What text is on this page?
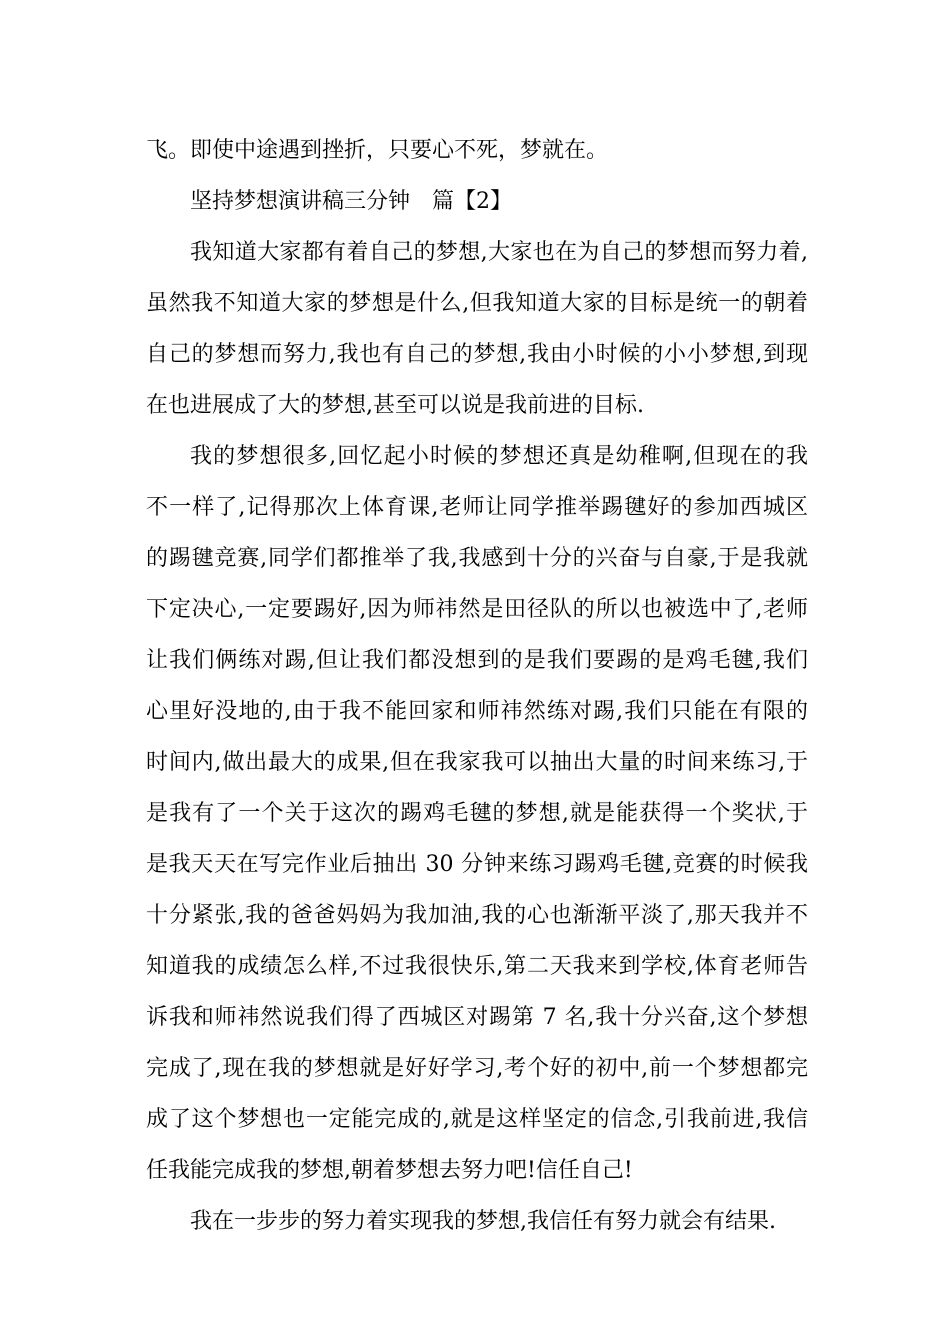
飞。即使中途遇到挫折，只要心不死，梦就在。
坚持梦想演讲稿三分钟　篇【2】
我知道大家都有着自己的梦想,大家也在为自己的梦想而努力着,
虽然我不知道大家的梦想是什么,但我知道大家的目标是统一的朝着
自己的梦想而努力,我也有自己的梦想,我由小时候的小小梦想,到现
在也进展成了大的梦想,甚至可以说是我前进的目标.
我的梦想很多,回忆起小时候的梦想还真是幼稚啊,但现在的我
不一样了,记得那次上体育课,老师让同学推举踢毽好的参加西城区
的踢毽竞赛,同学们都推举了我,我感到十分的兴奋与自豪,于是我就
下定决心,一定要踢好,因为师祎然是田径队的所以也被选中了,老师
让我们俩练对踢,但让我们都没想到的是我们要踢的是鸡毛毽,我们
心里好没地的,由于我不能回家和师祎然练对踢,我们只能在有限的
时间内,做出最大的成果,但在我家我可以抽出大量的时间来练习,于
是我有了一个关于这次的踢鸡毛毽的梦想,就是能获得一个奖状,于
是我天天在写完作业后抽出 30 分钟来练习踢鸡毛毽,竞赛的时候我
十分紧张,我的爸爸妈妈为我加油,我的心也渐渐平淡了,那天我并不
知道我的成绩怎么样,不过我很快乐,第二天我来到学校,体育老师告
诉我和师祎然说我们得了西城区对踢第 7 名,我十分兴奋,这个梦想
完成了,现在我的梦想就是好好学习,考个好的初中,前一个梦想都完
成了这个梦想也一定能完成的,就是这样坚定的信念,引我前进,我信
任我能完成我的梦想,朝着梦想去努力吧!信任自己!
我在一步步的努力着实现我的梦想,我信任有努力就会有结果.
